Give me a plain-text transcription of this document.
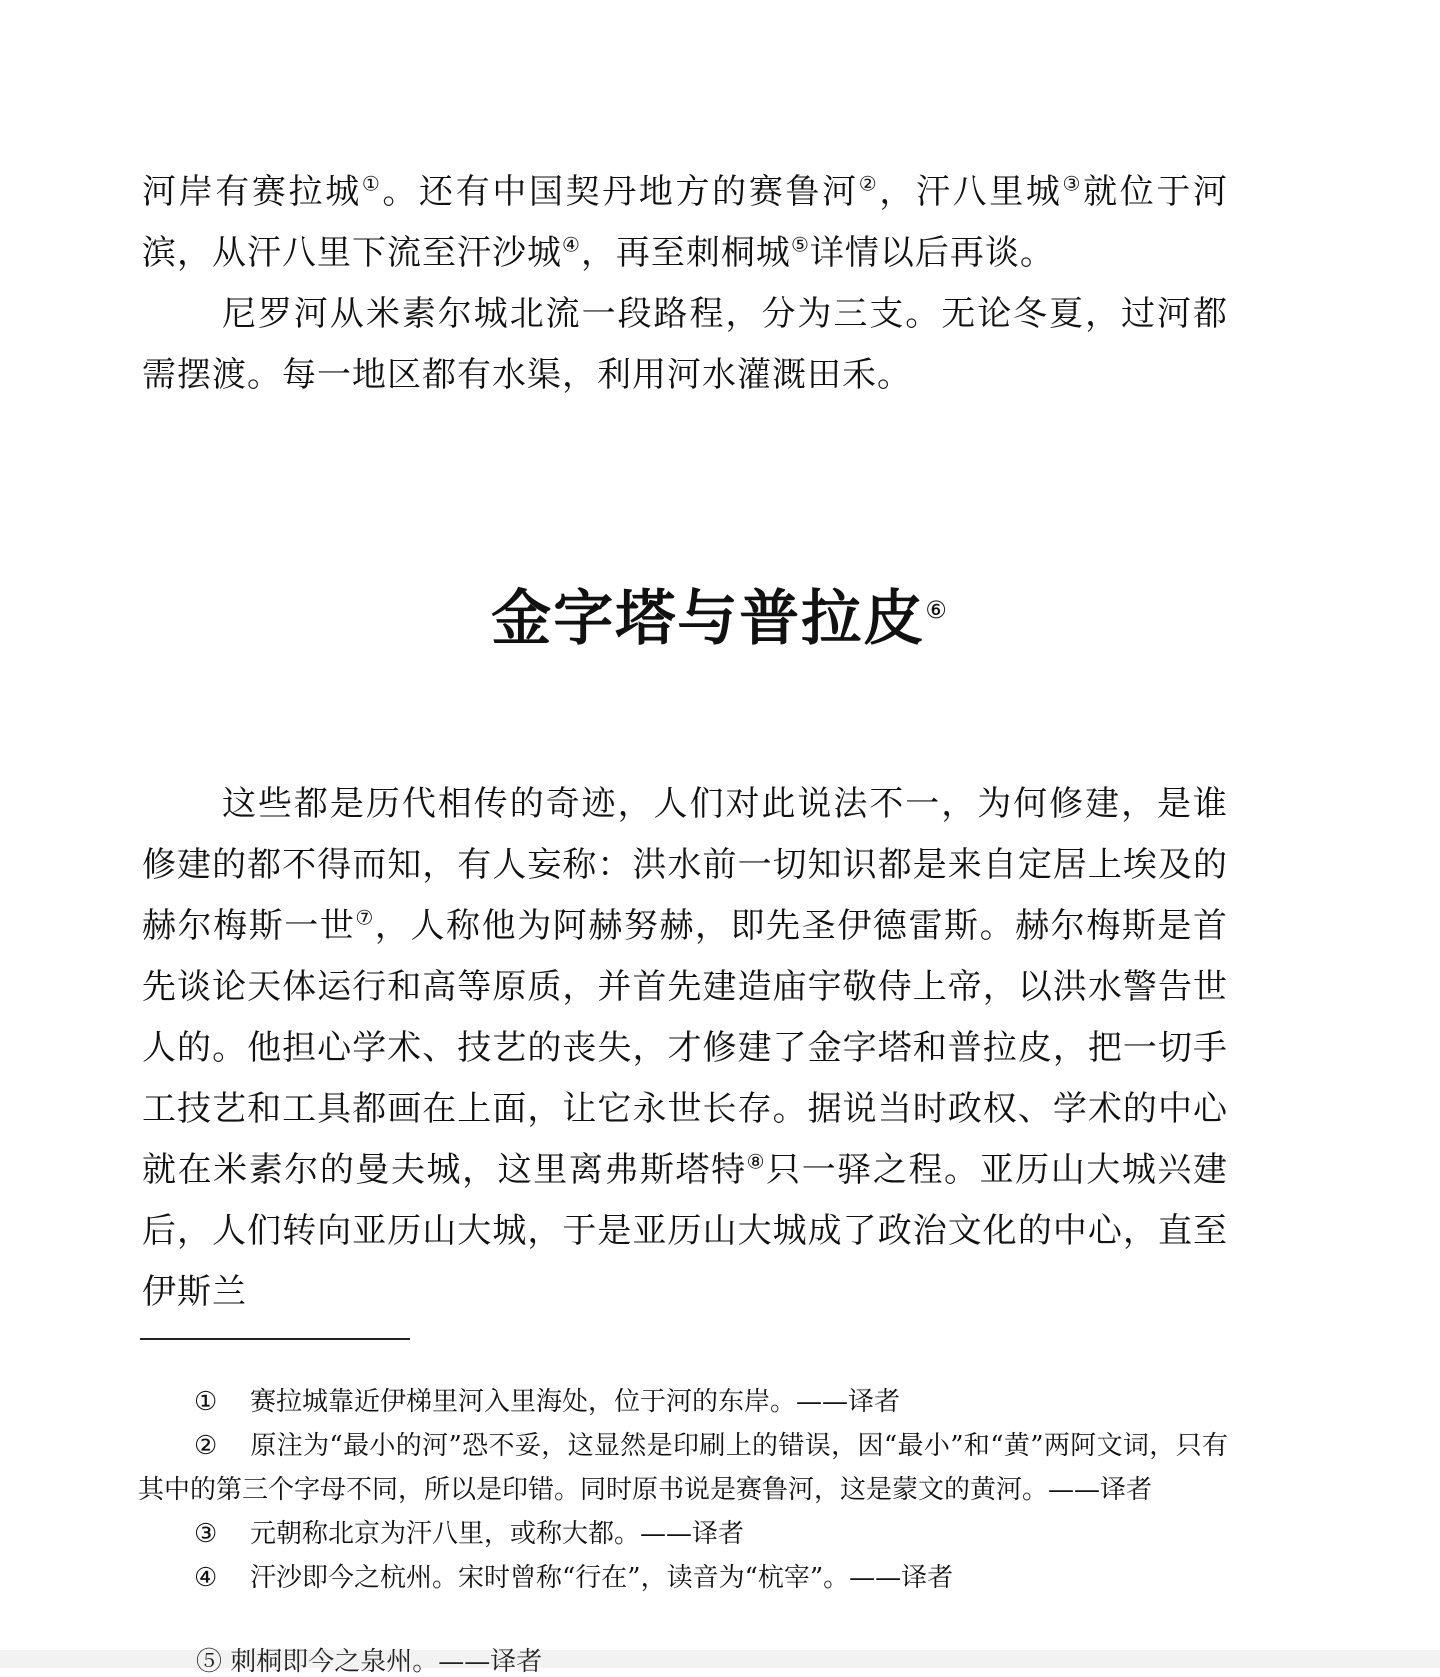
河岸有赛拉城①。还有中国契丹地方的赛鲁河②，汗八里城③就位于河滨，从汗八里下流至汗沙城④，再至刺桐城⑤详情以后再谈。

尼罗河从米素尔城北流一段路程，分为三支。无论冬夏，过河都需摆渡。每一地区都有水渠，利用河水灌溉田禾。

金字塔与普拉皮⑥

这些都是历代相传的奇迹，人们对此说法不一，为何修建，是谁修建的都不得而知，有人妄称：洪水前一切知识都是来自定居上埃及的赫尔梅斯一世⑦，人称他为阿赫努赫，即先圣伊德雷斯。赫尔梅斯是首先谈论天体运行和高等原质，并首先建造庙宇敬侍上帝，以洪水警告世人的。他担心学术、技艺的丧失，才修建了金字塔和普拉皮，把一切手工技艺和工具都画在上面，让它永世长存。据说当时政权、学术的中心就在米素尔的曼夫城，这里离弗斯塔特⑧只一驿之程。亚历山大城兴建后，人们转向亚历山大城，于是亚历山大城成了政治文化的中心，直至伊斯兰

① 赛拉城靠近伊梯里河入里海处，位于河的东岸。——译者

② 原注为“最小的河”恐不妥，这显然是印刷上的错误，因“最小”和“黄”两阿文词，只有其中的第三个字母不同，所以是印错。同时原书说是赛鲁河，这是蒙文的黄河。——译者

③ 元朝称北京为汗八里，或称大都。——译者

④ 汗沙即今之杭州。宋时曾称“行在”，读音为“杭宰”。——译者

⑤ 刺桐即今之泉州。——译者
